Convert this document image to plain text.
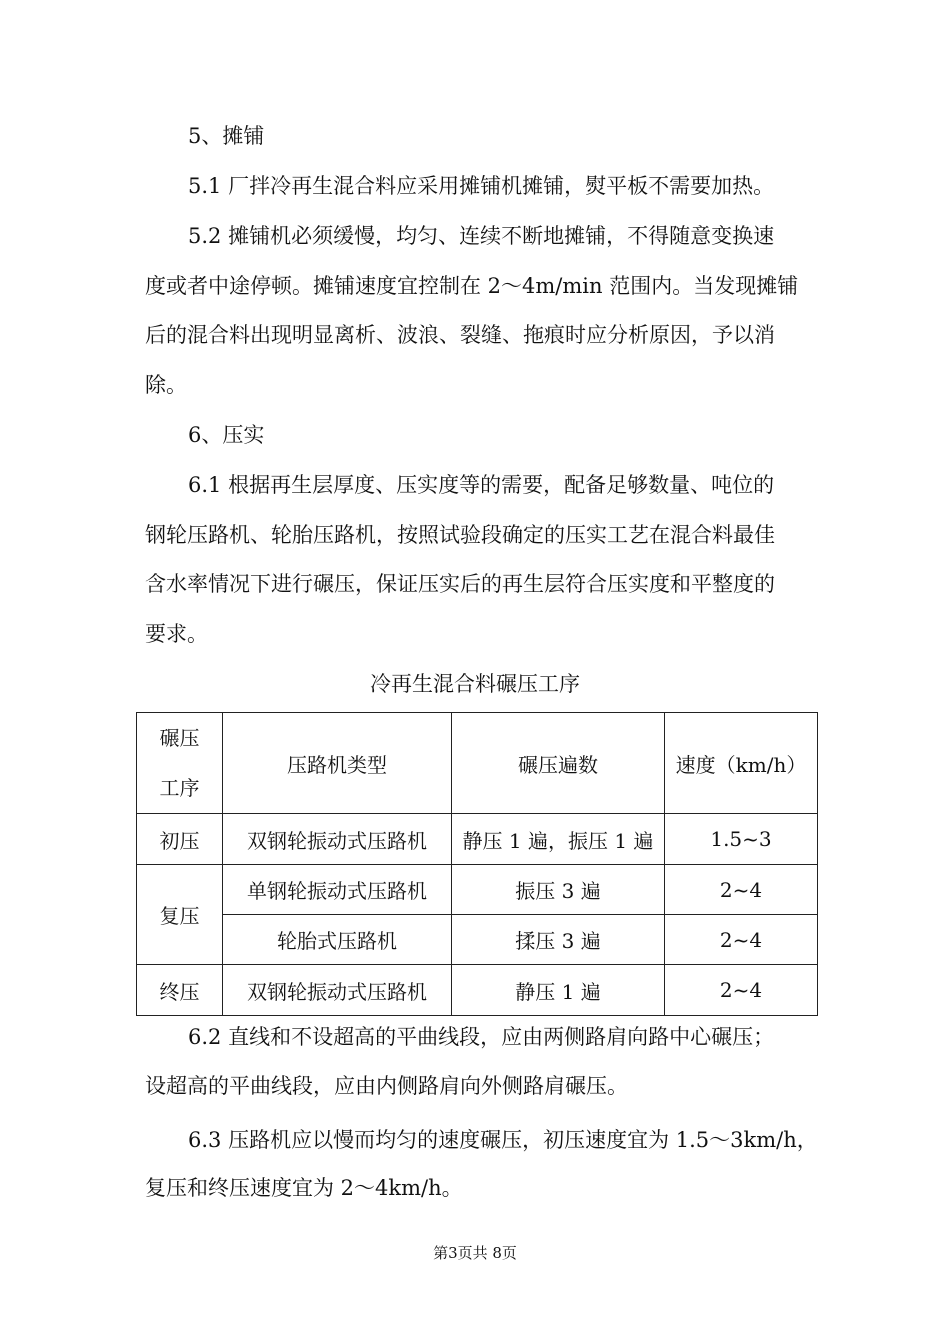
5、摊铺
5.1 厂拌冷再生混合料应采用摊铺机摊铺，熨平板不需要加热。
5.2 摊铺机必须缓慢，均匀、连续不断地摊铺，不得随意变换速
度或者中途停顿。摊铺速度宜控制在 2～4m/min 范围内。当发现摊铺
后的混合料出现明显离析、波浪、裂缝、拖痕时应分析原因，予以消
除。
6、压实
6.1 根据再生层厚度、压实度等的需要，配备足够数量、吨位的
钢轮压路机、轮胎压路机，按照试验段确定的压实工艺在混合料最佳
含水率情况下进行碾压，保证压实后的再生层符合压实度和平整度的
要求。
冷再生混合料碾压工序
碾压
工序	压路机类型	碾压遍数	速度（km/h）
初压	双钢轮振动式压路机	静压 1 遍，振压 1 遍	1.5~3
复压	单钢轮振动式压路机	振压 3 遍	2~4
	轮胎式压路机	揉压 3 遍	2~4
终压	双钢轮振动式压路机	静压 1 遍	2~4
6.2 直线和不设超高的平曲线段，应由两侧路肩向路中心碾压；
设超高的平曲线段，应由内侧路肩向外侧路肩碾压。
6.3 压路机应以慢而均匀的速度碾压，初压速度宜为 1.5～3km/h，
复压和终压速度宜为 2～4km/h。
第3页共 8页
